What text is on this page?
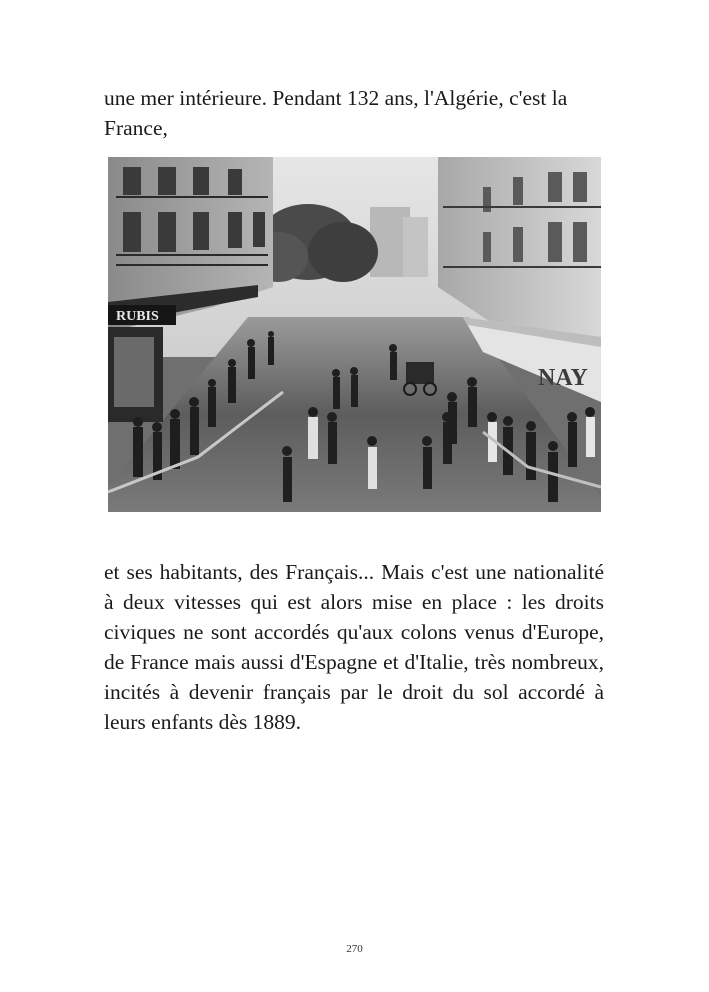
une mer intérieure. Pendant 132 ans, l'Algérie, c'est la France,

RUBIS
NAY

et ses habitants, des Français... Mais c'est une nationalité à deux vitesses qui est alors mise en place : les droits civiques ne sont accordés qu'aux colons venus d'Europe, de France mais aussi d'Espagne et d'Italie, très nombreux, incités à devenir français par le droit du sol accordé à leurs enfants dès 1889.

270
